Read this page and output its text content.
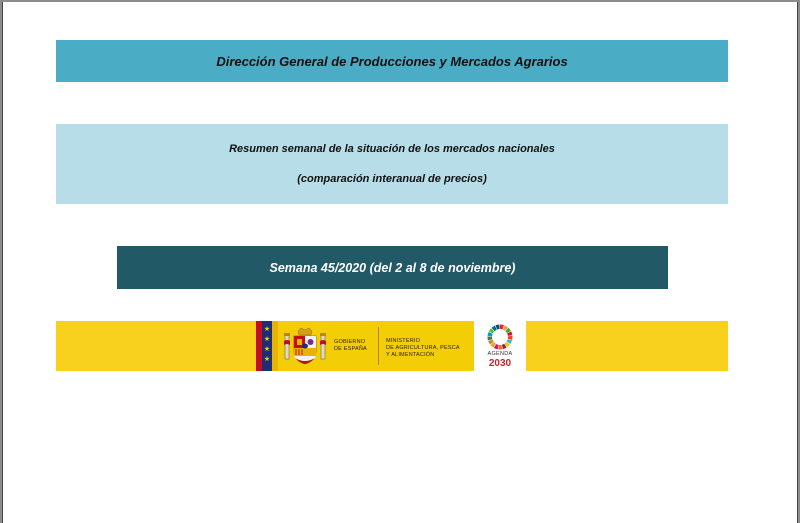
Dirección General de Producciones y Mercados Agrarios
Resumen semanal de la situación de los mercados nacionales
(comparación interanual de precios)
Semana 45/2020 (del 2 al 8 de noviembre)
★
★
★
★
GOBIERNO
DE ESPAÑA
MINISTERIO
DE AGRICULTURA, PESCA
Y ALIMENTACIÓN	AGENDA
2030
